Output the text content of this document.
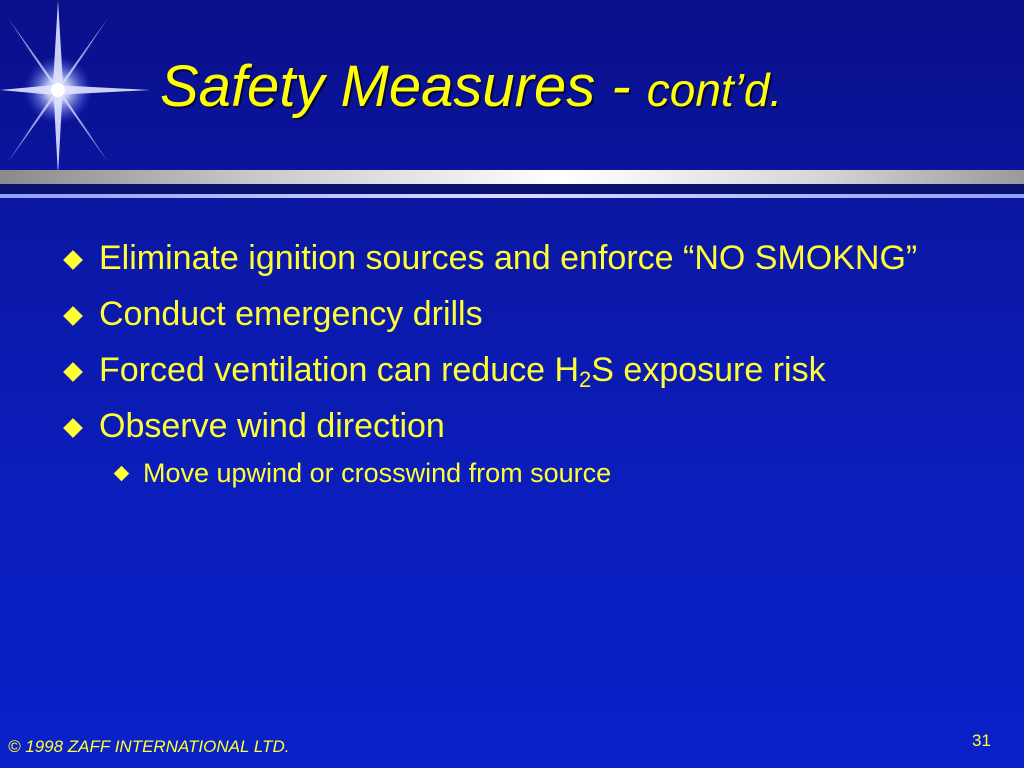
Safety Measures - cont’d.
Eliminate ignition sources and enforce “NO SMOKNG”
Conduct emergency drills
Forced ventilation can reduce $H_2S$ exposure risk
Observe wind direction
Move upwind or crosswind from source
© 1998 ZAFF INTERNATIONAL LTD.	31
